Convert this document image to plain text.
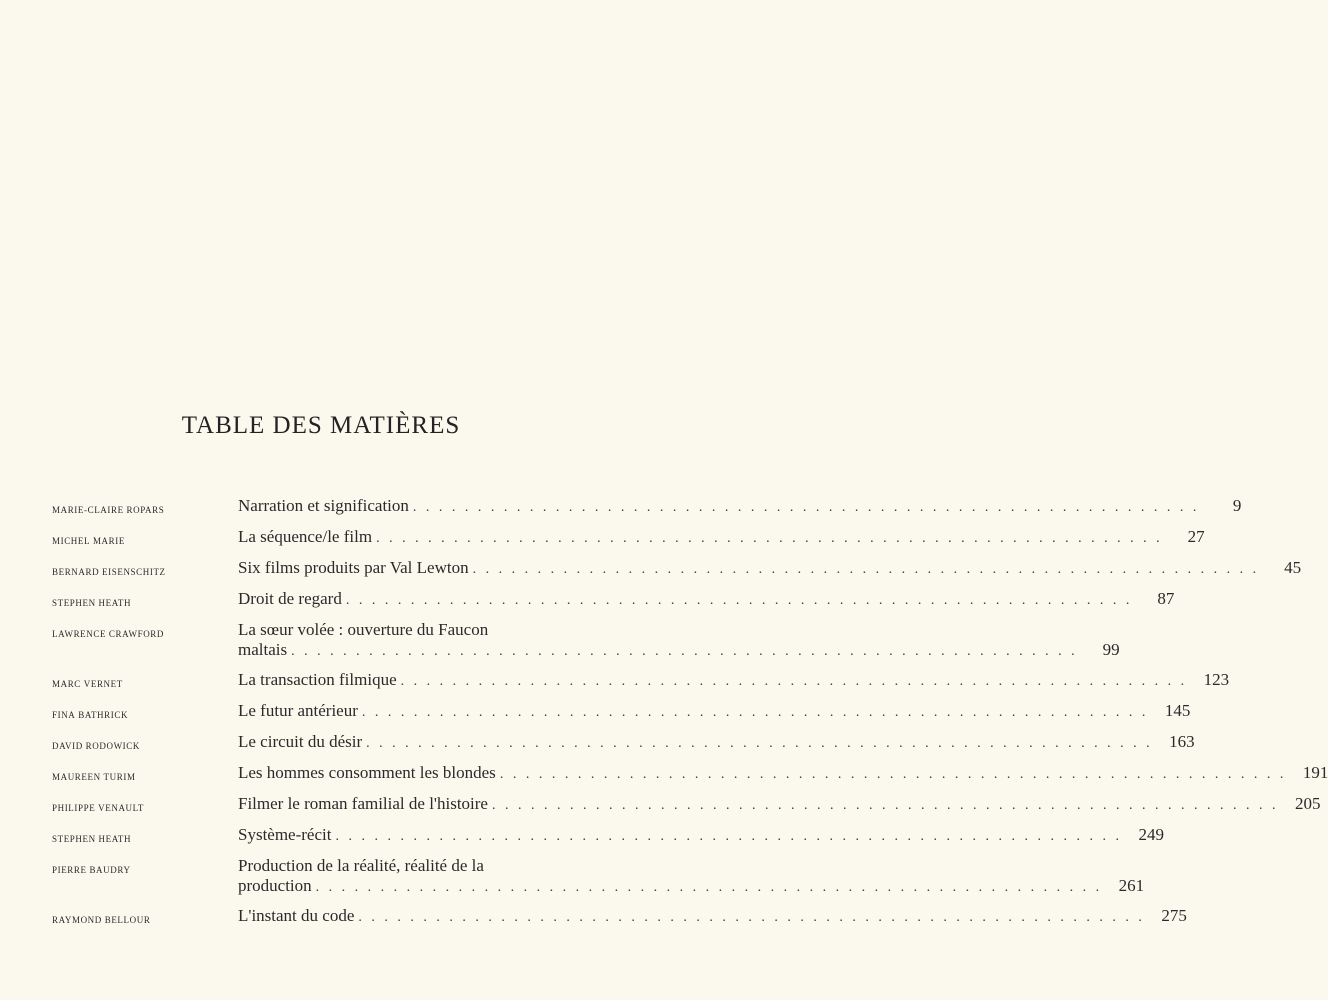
TABLE DES MATIÈRES
marie-claire ropars	Narration et signification . . .	9
michel marie	La séquence/le film . . .	27
bernard eisenschitz	Six films produits par Val Lewton . . .	45
stephen heath	Droit de regard . . .	87
lawrence crawford	La sœur volée : ouverture du Faucon
maltais . . .	99
marc vernet	La transaction filmique . . .	123
fina bathrick	Le futur antérieur . . .	145
david rodowick	Le circuit du désir . . .	163
maureen turim	Les hommes consomment les blondes . . .	191
philippe venault	Filmer le roman familial de l'histoire . . .	205
stephen heath	Système-récit . . .	249
pierre baudry	Production de la réalité, réalité de la
production . . .	261
raymond bellour	L'instant du code . . .	275
